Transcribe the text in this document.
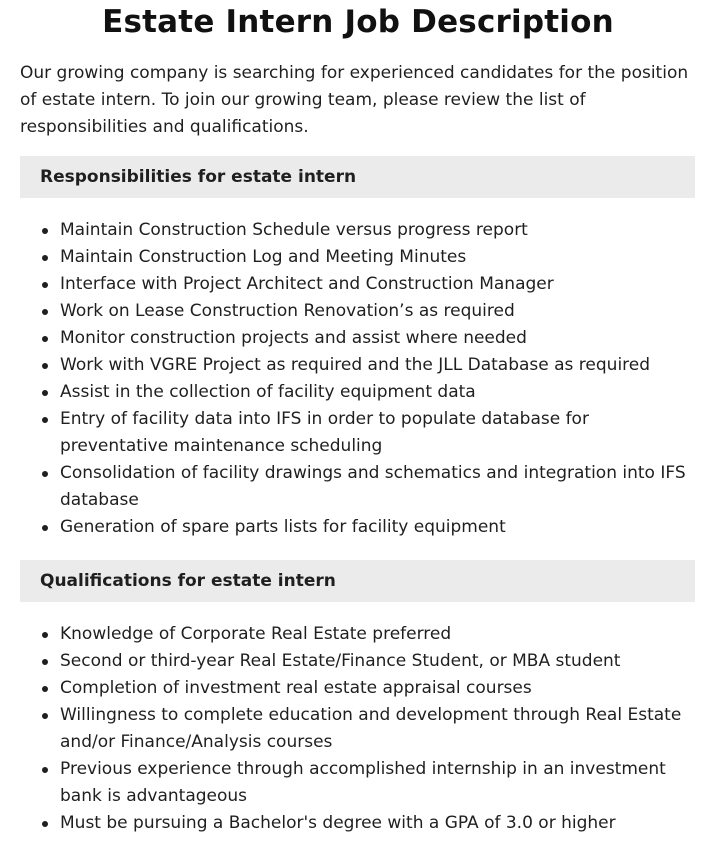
Estate Intern Job Description

Our growing company is searching for experienced candidates for the position of estate intern. To join our growing team, please review the list of responsibilities and qualifications.

Responsibilities for estate intern
Maintain Construction Schedule versus progress report
Maintain Construction Log and Meeting Minutes
Interface with Project Architect and Construction Manager
Work on Lease Construction Renovation’s as required
Monitor construction projects and assist where needed
Work with VGRE Project as required and the JLL Database as required
Assist in the collection of facility equipment data
Entry of facility data into IFS in order to populate database for preventative maintenance scheduling
Consolidation of facility drawings and schematics and integration into IFS database
Generation of spare parts lists for facility equipment
Qualifications for estate intern
Knowledge of Corporate Real Estate preferred
Second or third-year Real Estate/Finance Student, or MBA student
Completion of investment real estate appraisal courses
Willingness to complete education and development through Real Estate and/or Finance/Analysis courses
Previous experience through accomplished internship in an investment bank is advantageous
Must be pursuing a Bachelor's degree with a GPA of 3.0 or higher
